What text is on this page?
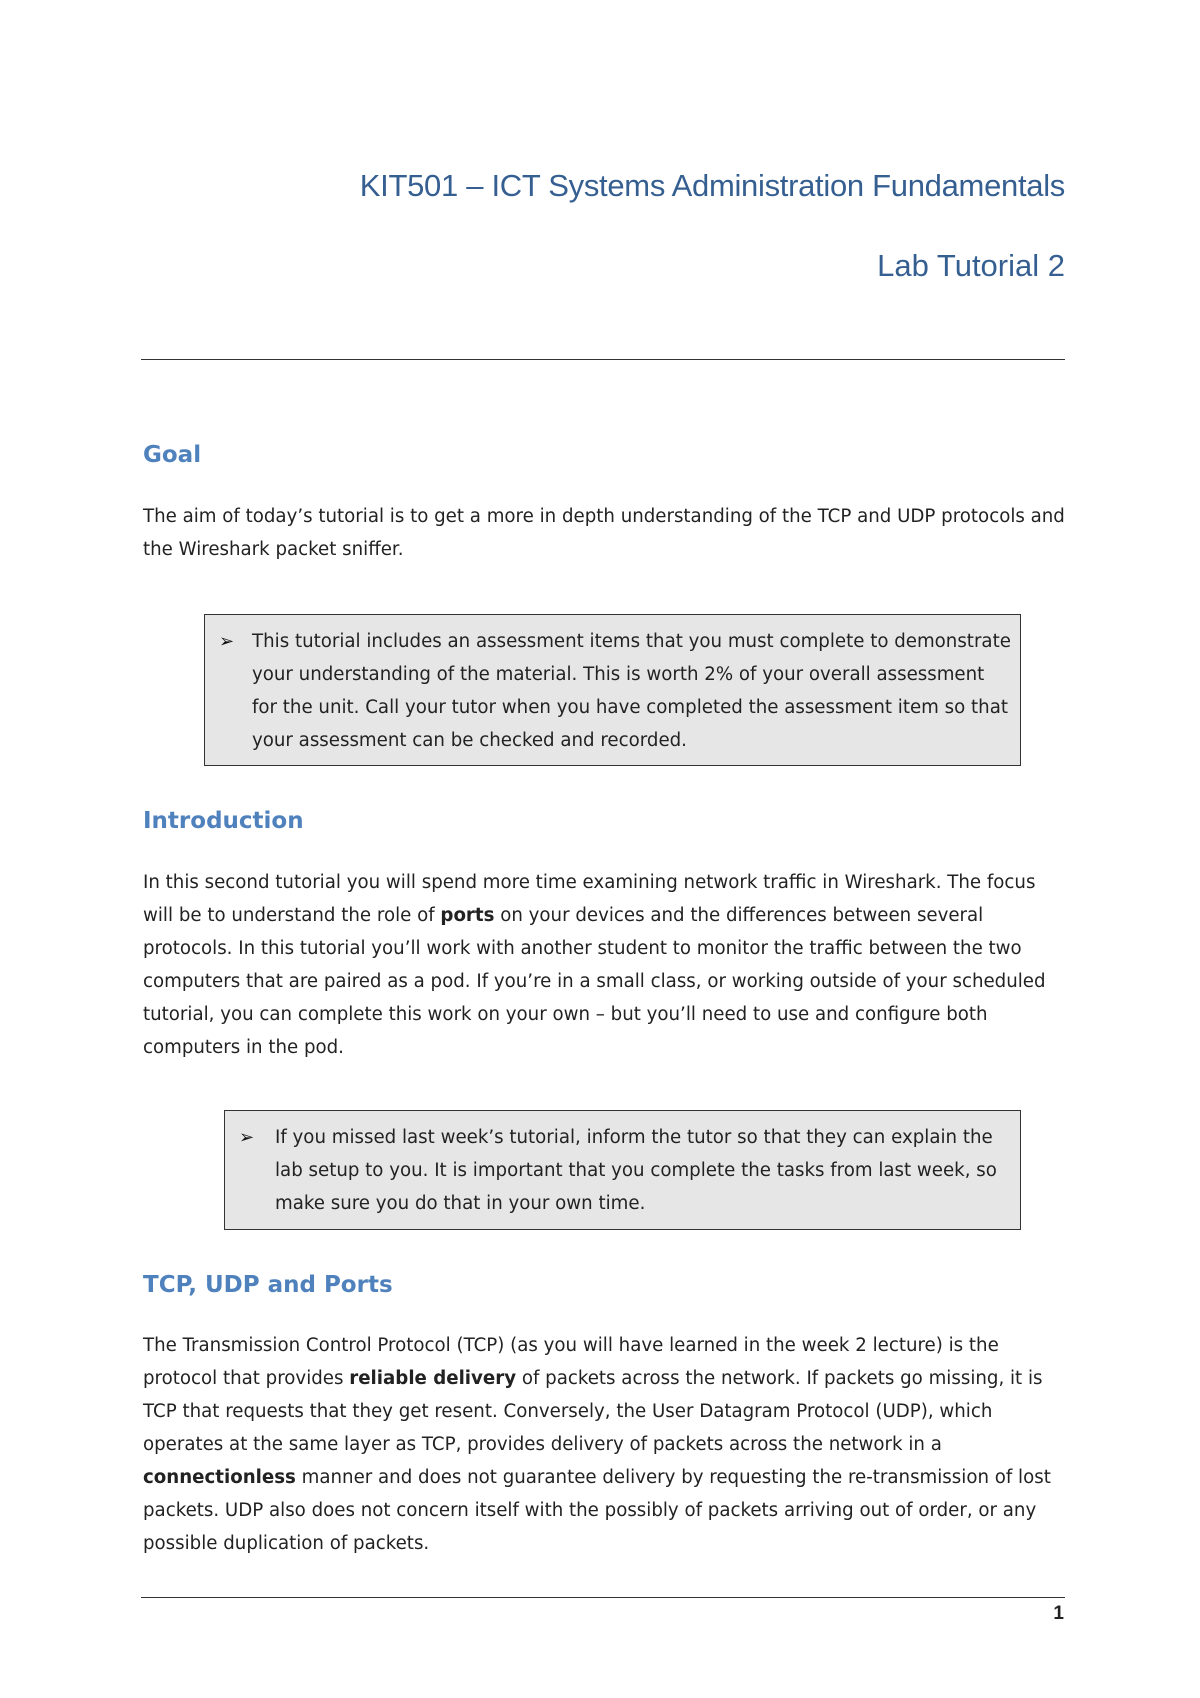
KIT501 – ICT Systems Administration Fundamentals
Lab Tutorial 2
Goal

The aim of today’s tutorial is to get a more in depth understanding of the TCP and UDP protocols and the Wireshark packet sniffer.

➢ This tutorial includes an assessment items that you must complete to demonstrate your understanding of the material. This is worth 2% of your overall assessment for the unit. Call your tutor when you have completed the assessment item so that your assessment can be checked and recorded.

Introduction

In this second tutorial you will spend more time examining network traffic in Wireshark. The focus will be to understand the role of ports on your devices and the differences between several protocols. In this tutorial you’ll work with another student to monitor the traffic between the two computers that are paired as a pod. If you’re in a small class, or working outside of your scheduled tutorial, you can complete this work on your own – but you’ll need to use and configure both computers in the pod.

➢ If you missed last week’s tutorial, inform the tutor so that they can explain the lab setup to you. It is important that you complete the tasks from last week, so make sure you do that in your own time.

TCP, UDP and Ports

The Transmission Control Protocol (TCP) (as you will have learned in the week 2 lecture) is the protocol that provides reliable delivery of packets across the network. If packets go missing, it is TCP that requests that they get resent. Conversely, the User Datagram Protocol (UDP), which operates at the same layer as TCP, provides delivery of packets across the network in a connectionless manner and does not guarantee delivery by requesting the re-transmission of lost packets. UDP also does not concern itself with the possibly of packets arriving out of order, or any possible duplication of packets.

1
